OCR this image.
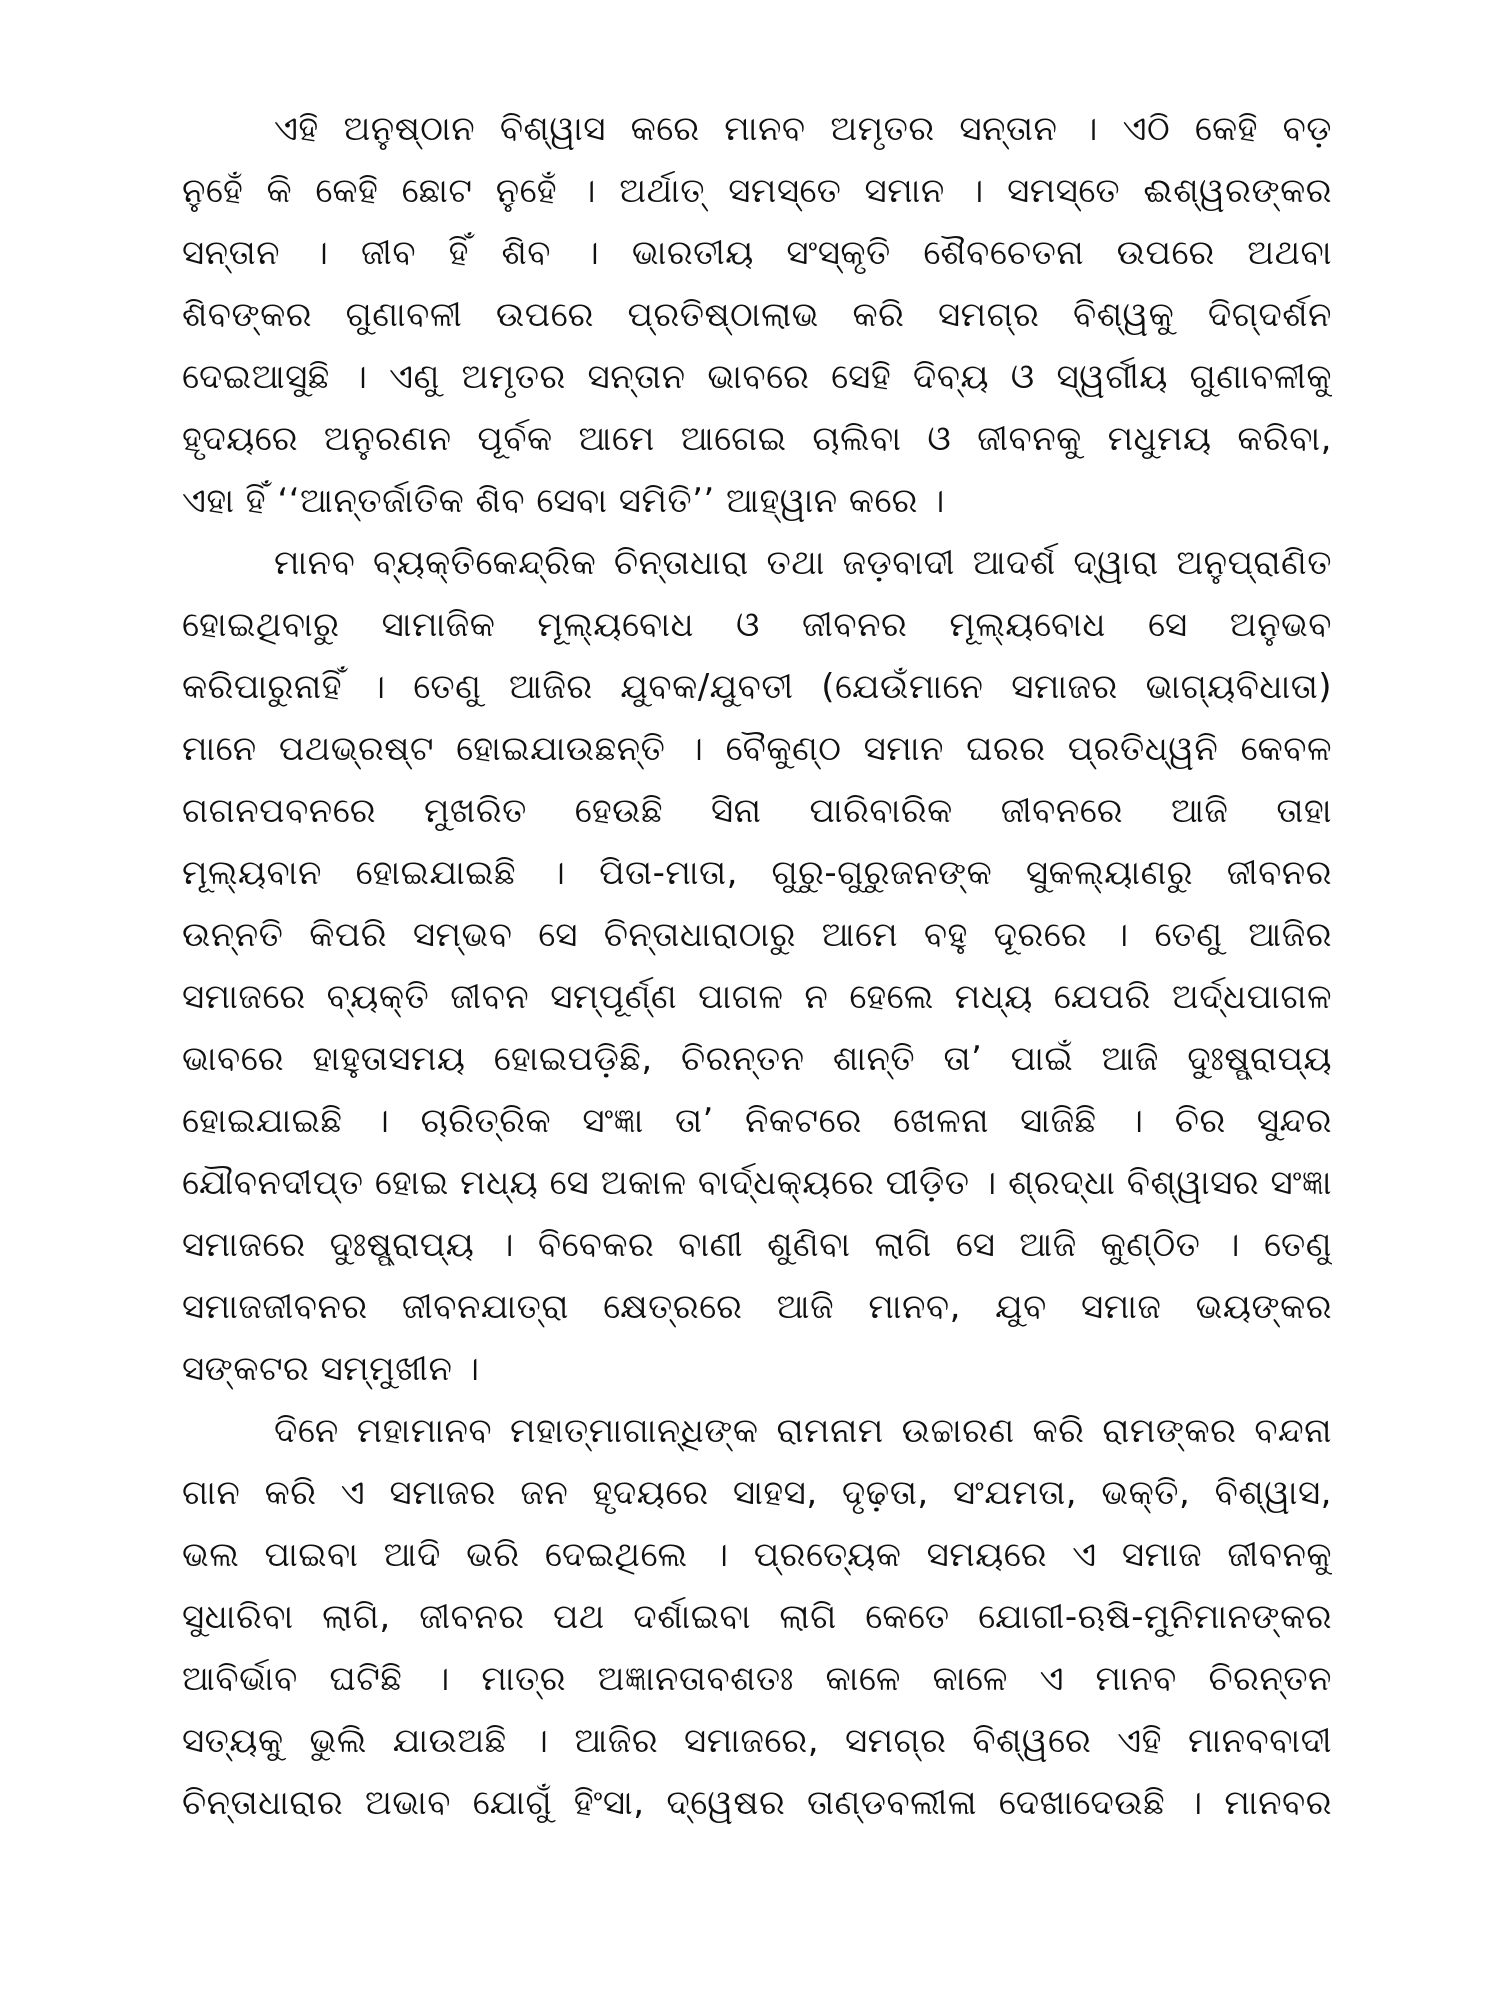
ଏହି ଅନୁଷ୍ଠାନ ବିଶ୍ୱାସ କରେ ମାନବ ଅମୃତର ସନ୍ତାନ । ଏଠି କେହି ବଡ଼
ନୁହେଁ କି କେହି ଛୋଟ ନୁହେଁ । ଅର୍ଥାତ୍ ସମସ୍ତେ ସମାନ । ସମସ୍ତେ ଈଶ୍ୱରଙ୍କର
ସନ୍ତାନ । ଜୀବ ହିଁ ଶିବ । ଭାରତୀୟ ସଂସ୍କୃତି ଶୈବଚେତନା ଉପରେ ଅଥବା
ଶିବଙ୍କର ଗୁଣାବଳୀ ଉପରେ ପ୍ରତିଷ୍ଠାଲାଭ କରି ସମଗ୍ର ବିଶ୍ୱକୁ ଦିଗ୍‌ଦର୍ଶନ
ଦେଇଆସୁଛି । ଏଣୁ ଅମୃତର ସନ୍ତାନ ଭାବରେ ସେହି ଦିବ୍ୟ ଓ ସ୍ୱର୍ଗୀୟ ଗୁଣାବଳୀକୁ
ହୃଦୟରେ ଅନୁରଣନ ପୂର୍ବକ ଆମେ ଆଗେଇ ଚାଲିବା ଓ ଜୀବନକୁ ମଧୁମୟ କରିବା,
ଏହା ହିଁ ‘‘ଆନ୍ତର୍ଜାତିକ ଶିବ ସେବା ସମିତି’’ ଆହ୍ୱାନ କରେ ।
ମାନବ ବ୍ୟକ୍ତିକେନ୍ଦ୍ରିକ ଚିନ୍ତାଧାରା ତଥା ଜଡ଼ବାଦୀ ଆଦର୍ଶ ଦ୍ୱାରା ଅନୁପ୍ରାଣିତ
ହୋଇଥିବାରୁ ସାମାଜିକ ମୂଲ୍ୟବୋଧ ଓ ଜୀବନର ମୂଲ୍ୟବୋଧ ସେ ଅନୁଭବ
କରିପାରୁନାହିଁ । ତେଣୁ ଆଜିର ଯୁବକ/ଯୁବତୀ (ଯେଉଁମାନେ ସମାଜର ଭାଗ୍ୟବିଧାତା)
ମାନେ ପଥଭ୍ରଷ୍ଟ ହୋଇଯାଉଛନ୍ତି । ବୈକୁଣ୍ଠ ସମାନ ଘରର ପ୍ରତିଧ୍ୱନି କେବଳ
ଗଗନପବନରେ ମୁଖରିତ ହେଉଛି ସିନା ପାରିବାରିକ ଜୀବନରେ ଆଜି ତାହା
ମୂଲ୍ୟବାନ ହୋଇଯାଇଛି । ପିତା-ମାତା, ଗୁରୁ-ଗୁରୁଜନଙ୍କ ସୁକଲ୍ୟାଣରୁ ଜୀବନର
ଉନ୍ନତି କିପରି ସମ୍ଭବ ସେ ଚିନ୍ତାଧାରାଠାରୁ ଆମେ ବହୁ ଦୂରରେ । ତେଣୁ ଆଜିର
ସମାଜରେ ବ୍ୟକ୍ତି ଜୀବନ ସମ୍ପୂର୍ଣ୍ଣ ପାଗଳ ନ ହେଲେ ମଧ୍ୟ ଯେପରି ଅର୍ଦ୍ଧପାଗଳ
ଭାବରେ ହାହୁତାସମୟ ହୋଇପଡ଼ିଛି, ଚିରନ୍ତନ ଶାନ୍ତି ତା’ ପାଇଁ ଆଜି ଦୁଃଷ୍ପ୍ରାପ୍ୟ
ହୋଇଯାଇଛି । ଚାରିତ୍ରିକ ସଂଜ୍ଞା ତା’ ନିକଟରେ ଖେଳନା ସାଜିଛି । ଚିର ସୁନ୍ଦର
ଯୌବନଦୀପ୍ତ ହୋଇ ମଧ୍ୟ ସେ ଅକାଳ ବାର୍ଦ୍ଧକ୍ୟରେ ପୀଡ଼ିତ । ଶ୍ରଦ୍ଧା ବିଶ୍ୱାସର ସଂଜ୍ଞା
ସମାଜରେ ଦୁଃଷ୍ପ୍ରାପ୍ୟ । ବିବେକର ବାଣୀ ଶୁଣିବା ଲାଗି ସେ ଆଜି କୁଣ୍ଠିତ । ତେଣୁ
ସମାଜଜୀବନର ଜୀବନଯାତ୍ରା କ୍ଷେତ୍ରରେ ଆଜି ମାନବ, ଯୁବ ସମାଜ ଭୟଙ୍କର
ସଙ୍କଟର ସମ୍ମୁଖୀନ ।
ଦିନେ ମହାମାନବ ମହାତ୍ମାଗାନ୍ଧିଙ୍କ ରାମନାମ ଉଚ୍ଚାରଣ କରି ରାମଙ୍କର ବନ୍ଦନା
ଗାନ କରି ଏ ସମାଜର ଜନ ହୃଦୟରେ ସାହସ, ଦୃଢ଼ତା, ସଂଯମତା, ଭକ୍ତି, ବିଶ୍ୱାସ,
ଭଲ ପାଇବା ଆଦି ଭରି ଦେଇଥିଲେ । ପ୍ରତ୍ୟେକ ସମୟରେ ଏ ସମାଜ ଜୀବନକୁ
ସୁଧାରିବା ଲାଗି, ଜୀବନର ପଥ ଦର୍ଶାଇବା ଲାଗି କେତେ ଯୋଗୀ-ଋଷି-ମୁନିମାନଙ୍କର
ଆବିର୍ଭାବ ଘଟିଛି । ମାତ୍ର ଅଜ୍ଞାନତାବଶତଃ କାଳେ କାଳେ ଏ ମାନବ ଚିରନ୍ତନ
ସତ୍ୟକୁ ଭୁଲି ଯାଉଅଛି । ଆଜିର ସମାଜରେ, ସମଗ୍ର ବିଶ୍ୱରେ ଏହି ମାନବବାଦୀ
ଚିନ୍ତାଧାରାର ଅଭାବ ଯୋଗୁଁ ହିଂସା, ଦ୍ୱେଷର ତାଣ୍ଡବଲୀଳା ଦେଖାଦେଉଛି । ମାନବର
